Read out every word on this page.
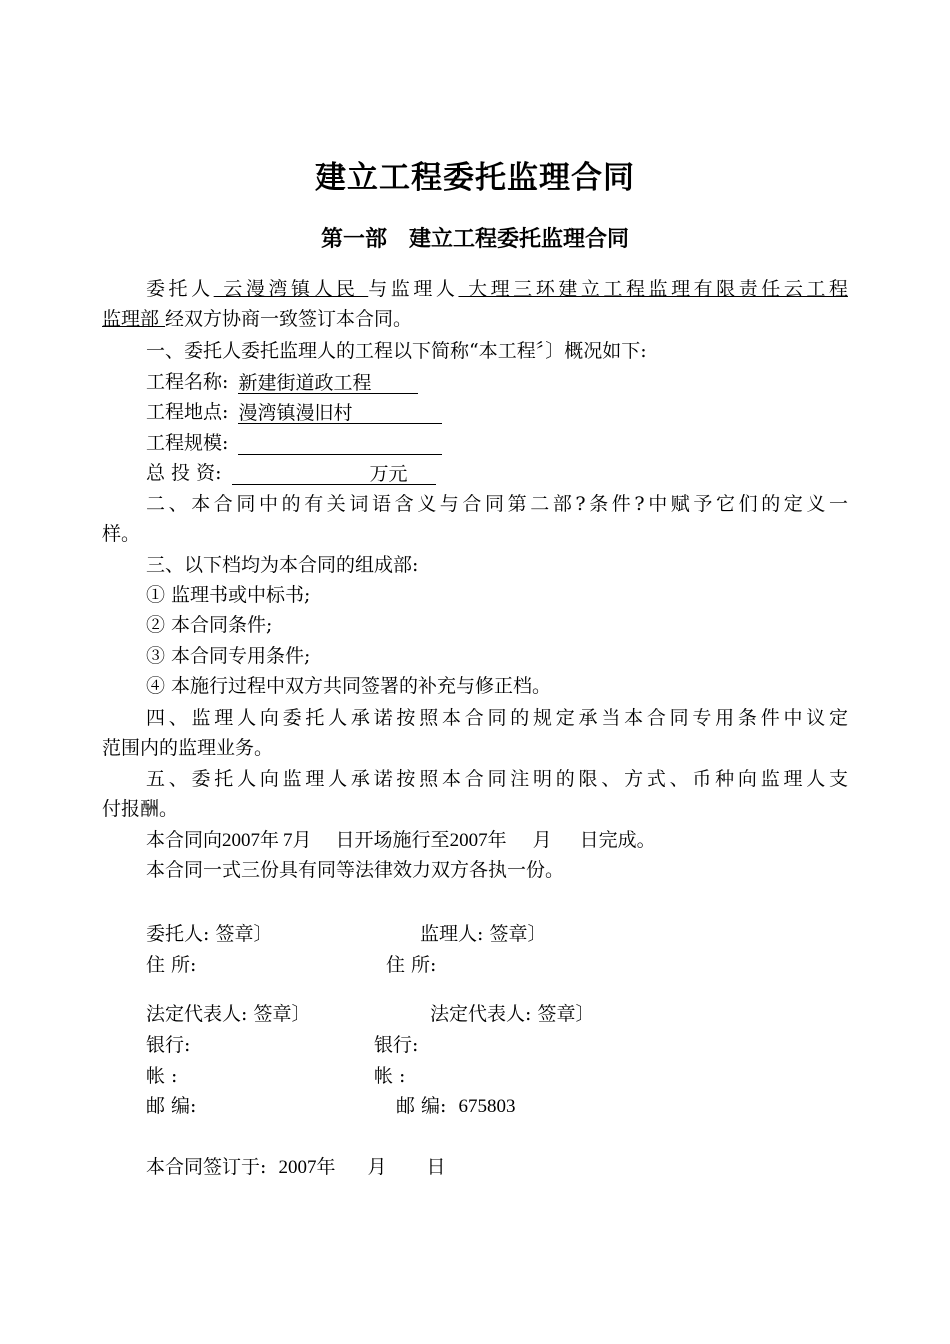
建立工程委托监理合同
第一部　建立工程委托监理合同
委托人 云漫湾镇人民 与监理人 大理三环建立工程监理有限责任云工程
监理部 经双方协商一致签订本合同。
一、委托人委托监理人的工程以下简称“本工程〞〕概况如下:
工程名称: 新建街道政工程
工程地点: 漫湾镇漫旧村
工程规模:
总 投 资:	万元
二、本合同中的有关词语含义与合同第二部?条件?中赋予它们的定义一
样。
三、以下档均为本合同的组成部:
① 监理书或中标书;
② 本合同条件;
③ 本合同专用条件;
④ 本施行过程中双方共同签署的补充与修正档。
四、监理人向委托人承诺按照本合同的规定承当本合同专用条件中议定
范围内的监理业务。
五、委托人向监理人承诺按照本合同注明的限、方式、币种向监理人支
付报酬。
本合同向2007年 7月 日开场施行至2007年 月 日完成。
本合同一式三份具有同等法律效力双方各执一份。
委托人: 签章〕	监理人: 签章〕
住 所:	住 所:
法定代表人: 签章〕	法定代表人: 签章〕
银行:	银行:
帐 :	帐 :
邮 编:	邮 编: 675803
本合同签订于: 2007年 月 日
